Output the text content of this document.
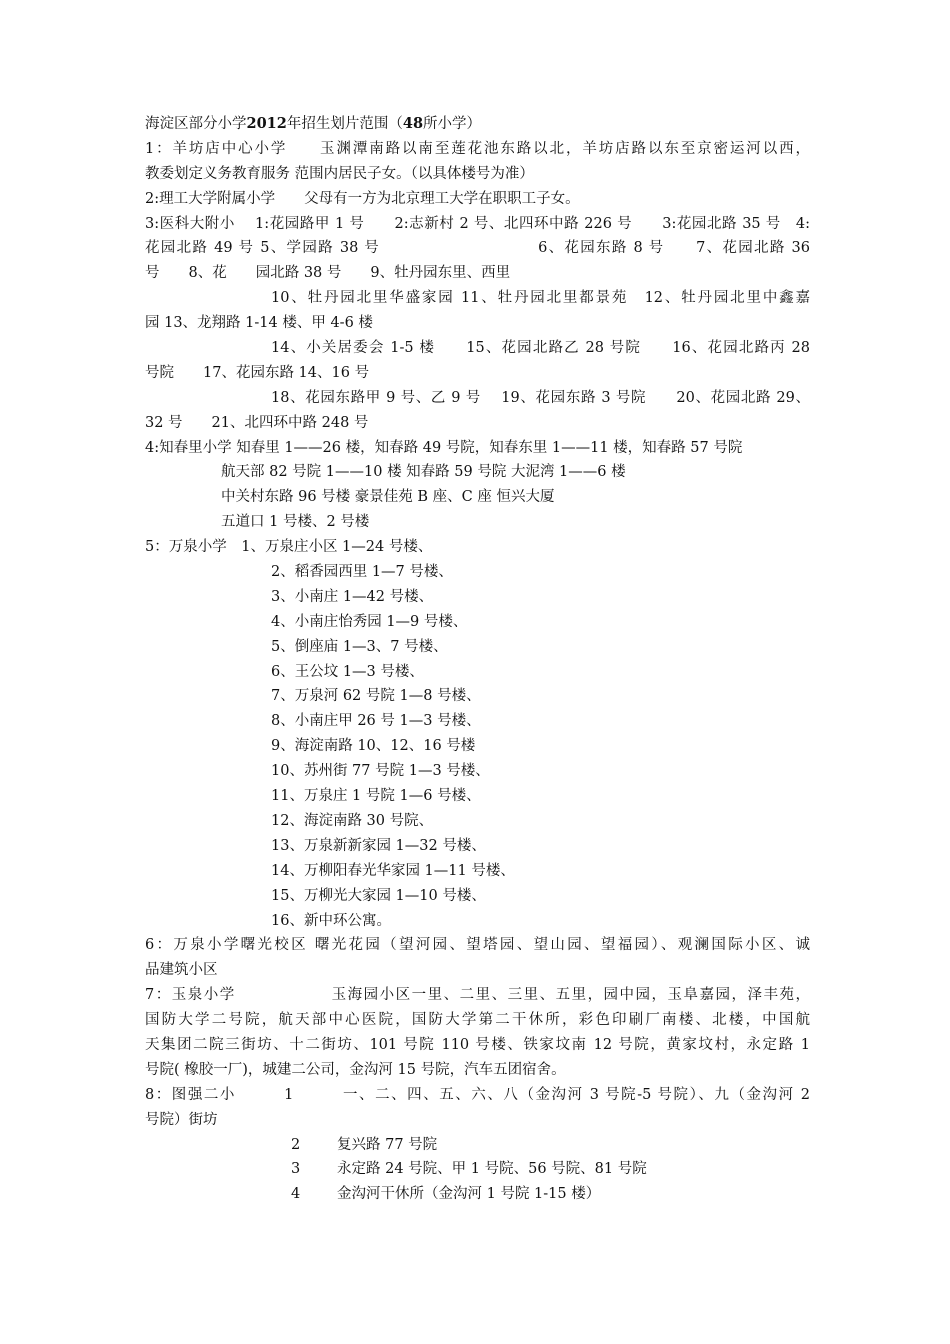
海淀区部分小学2012年招生划片范围（48所小学）
1：羊坊店中心小学　　玉渊潭南路以南至莲花池东路以北，羊坊店路以东至京密运河以西，
教委划定义务教育服务 范围内居民子女。（以具体楼号为准）
2:理工大学附属小学　　父母有一方为北京理工大学在职职工子女。
3:医科大附小　 1:花园路甲 1 号　　2:志新村 2 号、北四环中路 226 号　　3:花园北路 35 号　4:
花园北路 49 号 5、学园路 38 号　　　　　　　　　　6、花园东路 8 号　　7、花园北路 36
号　　8、花　　园北路 38 号　　9、牡丹园东里、西里
10、牡丹园北里华盛家园 11、牡丹园北里都景苑　12、牡丹园北里中鑫嘉
园 13、龙翔路 1-14 楼、甲 4-6 楼
14、小关居委会 1-5 楼　　15、花园北路乙 28 号院　　16、花园北路丙 28
号院　　17、花园东路 14、16 号
18、花园东路甲 9 号、乙 9 号　 19、花园东路 3 号院　　20、花园北路 29、
32 号　　21、北四环中路 248 号
4:知春里小学 知春里 1——26 楼，知春路 49 号院，知春东里 1——11 楼，知春路 57 号院
航天部 82 号院 1——10 楼 知春路 59 号院 大泥湾 1——6 楼
中关村东路 96 号楼 豪景佳苑 B 座、C 座 恒兴大厦
五道口 1 号楼、2 号楼
5：万泉小学　1、万泉庄小区 1—24 号楼、
2、稻香园西里 1—7 号楼、
3、小南庄 1—42 号楼、
4、小南庄怡秀园 1—9 号楼、
5、倒座庙 1—3、7 号楼、
6、王公坟 1—3 号楼、
7、万泉河 62 号院 1—8 号楼、
8、小南庄甲 26 号 1—3 号楼、
9、海淀南路 10、12、16 号楼
10、苏州街 77 号院 1—3 号楼、
11、万泉庄 1 号院 1—6 号楼、
12、海淀南路 30 号院、
13、万泉新新家园 1—32 号楼、
14、万柳阳春光华家园 1—11 号楼、
15、万柳光大家园 1—10 号楼、
16、新中环公寓。
6：万泉小学曙光校区 曙光花园（望河园、望塔园、望山园、望福园）、观澜国际小区、诚
品建筑小区
7：玉泉小学　　　　　　玉海园小区一里、二里、三里、五里，园中园，玉阜嘉园，泽丰苑，
国防大学二号院，航天部中心医院，国防大学第二干休所，彩色印刷厂南楼、北楼，中国航
天集团二院三街坊、十二街坊、101 号院 110 号楼、铁家坟南 12 号院，黄家坟村，永定路 1
号院( 橡胶一厂)，城建二公司，金沟河 15 号院，汽车五团宿舍。
8：图强二小　　　1　　　一、二、四、五、六、八（金沟河 3 号院-5 号院）、九（金沟河 2
号院）街坊
2	复兴路 77 号院
3	永定路 24 号院、甲 1 号院、56 号院、81 号院
4	金沟河干休所（金沟河 1 号院 1-15 楼）
